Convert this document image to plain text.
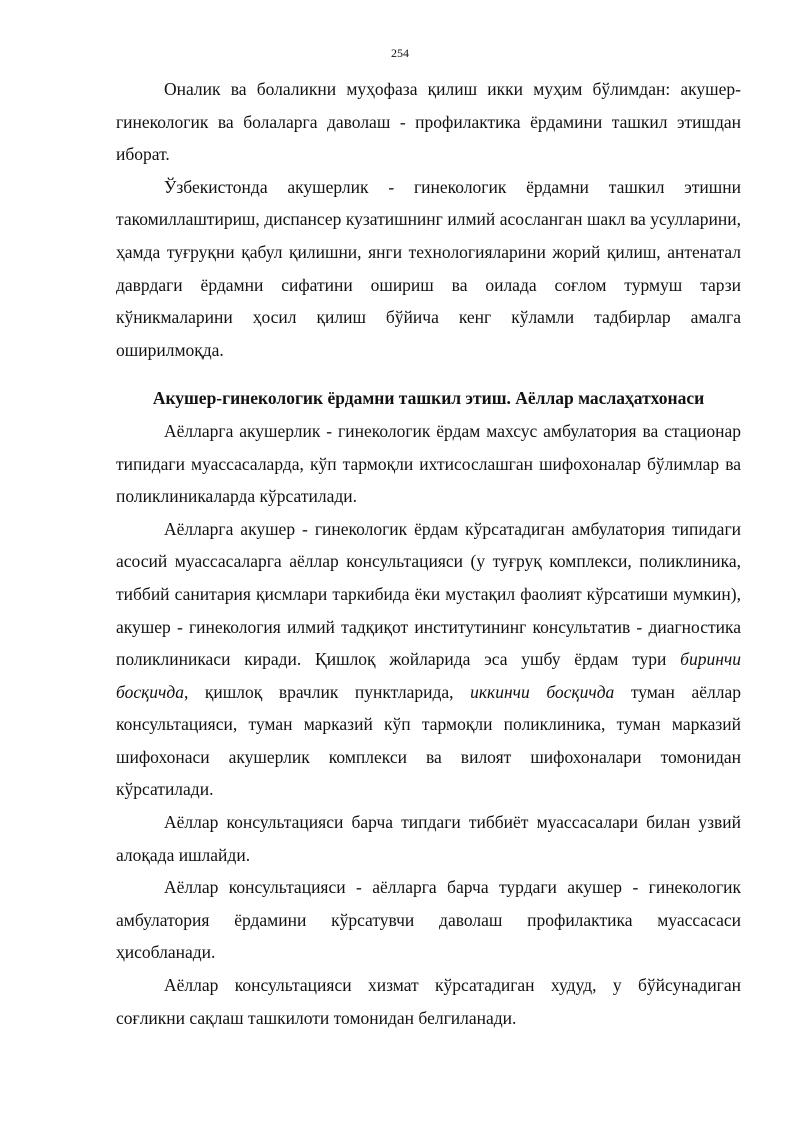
254

Оналик ва болаликни муҳофаза қилиш икки муҳим бўлимдан: акушер-гинекологик ва болаларга даволаш - профилактика ёрдамини ташкил этишдан иборат.

Ўзбекистонда акушерлик - гинекологик ёрдамни ташкил этишни такомиллаштириш, диспансер кузатишнинг илмий асосланган шакл ва усулларини, ҳамда туғруқни қабул қилишни, янги технологияларини жорий қилиш, антенатал даврдаги ёрдамни сифатини ошириш ва оилада соғлом турмуш тарзи кўникмаларини ҳосил қилиш бўйича кенг кўламли тадбирлар амалга оширилмоқда.

Акушер-гинекологик ёрдамни ташкил этиш. Аёллар маслаҳатхонаси

Аёлларга акушерлик - гинекологик ёрдам махсус амбулатория ва стационар типидаги муассасаларда, кўп тармоқли ихтисослашган шифохоналар бўлимлар ва поликлиникаларда кўрсатилади.

Аёлларга акушер - гинекологик ёрдам кўрсатадиган амбулатория типидаги асосий муассасаларга аёллар консультацияси (у туғруқ комплекси, поликлиника, тиббий санитария қисмлари таркибида ёки мустақил фаолият кўрсатиши мумкин), акушер - гинекология илмий тадқиқот институтининг консультатив - диагностика поликлиникаси киради. Қишлоқ жойларида эса ушбу ёрдам тури биринчи босқичда, қишлоқ врачлик пунктларида, иккинчи босқичда туман аёллар консультацияси, туман марказий кўп тармоқли поликлиника, туман марказий шифохонаси акушерлик комплекси ва вилоят шифохоналари томонидан кўрсатилади.

Аёллар консультацияси барча типдаги тиббиёт муассасалари билан узвий алоқада ишлайди.

Аёллар консультацияси - аёлларга барча турдаги акушер - гинекологик амбулатория ёрдамини кўрсатувчи даволаш профилактика муассасаси ҳисобланади.

Аёллар консультацияси хизмат кўрсатадиган худуд, у бўйсунадиган соғликни сақлаш ташкилоти томонидан белгиланади.
